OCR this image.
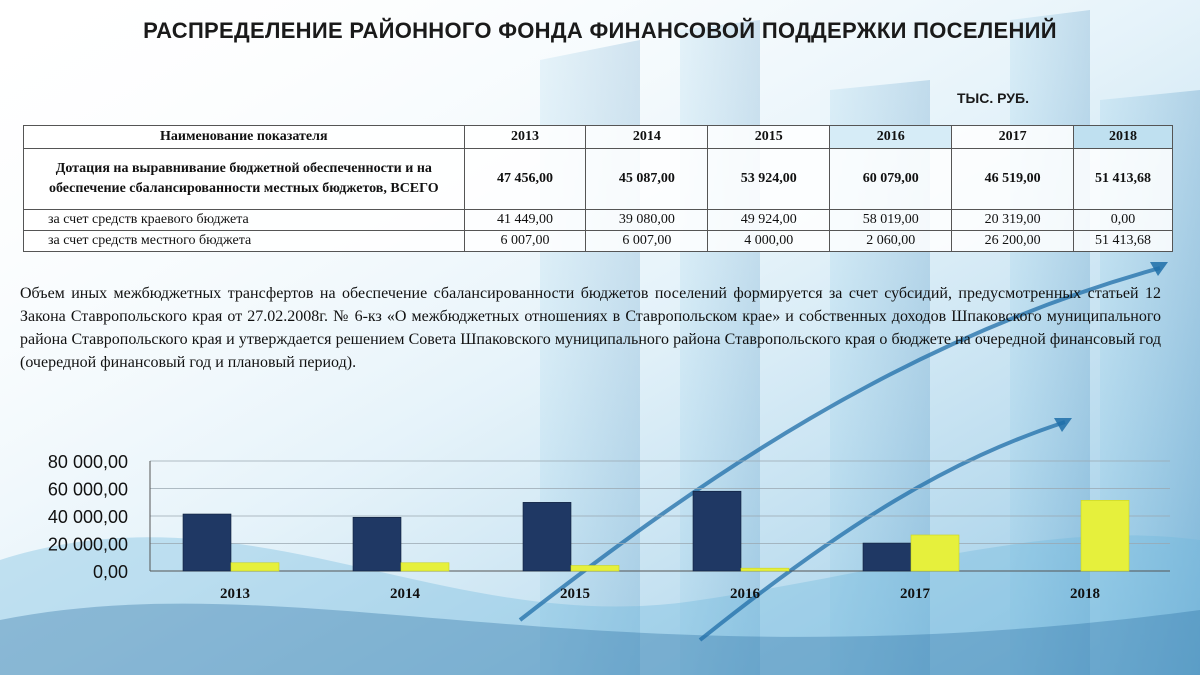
РАСПРЕДЕЛЕНИЕ РАЙОННОГО ФОНДА ФИНАНСОВОЙ ПОДДЕРЖКИ ПОСЕЛЕНИЙ
ТЫС. РУБ.
Наименование показателя	2013	2014	2015	2016	2017	2018
Дотация на выравнивание бюджетной обеспеченности и на обеспечение сбалансированности местных бюджетов, ВСЕГО	47 456,00	45 087,00	53 924,00	60 079,00	46 519,00	51 413,68
за счет средств краевого бюджета	41 449,00	39 080,00	49 924,00	58 019,00	20 319,00	0,00
за счет средств местного бюджета	6 007,00	6 007,00	4 000,00	2 060,00	26 200,00	51 413,68
Объем иных межбюджетных трансфертов на обеспечение сбалансированности бюджетов поселений формируется за счет субсидий, предусмотренных статьей 12 Закона Ставропольского края от 27.02.2008г. № 6-кз «О межбюджетных отношениях в Ставропольском крае» и собственных доходов Шпаковского муниципального района Ставропольского края и утверждается решением Совета Шпаковского муниципального района Ставропольского края о бюджете на очередной финансовый год (очередной финансовый год и плановый период).
0,00
20 000,00
40 000,00
60 000,00
80 000,00
2013	2014	2015	2016	2017	2018
